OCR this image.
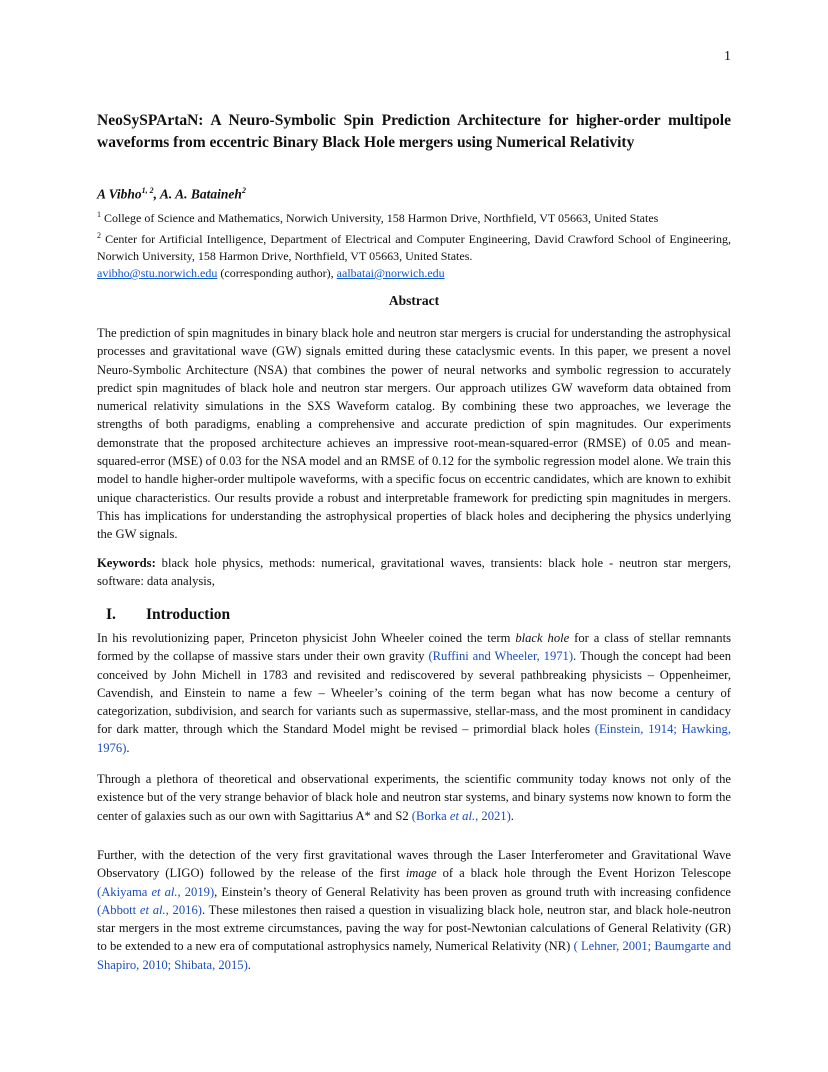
1
NeoSySPArtaN: A Neuro-Symbolic Spin Prediction Architecture for higher-order multipole waveforms from eccentric Binary Black Hole mergers using Numerical Relativity
A Vibho$^{1, 2}$, A. A. Bataineh$^2$

$^1$ College of Science and Mathematics, Norwich University, 158 Harmon Drive, Northfield, VT 05663, United States

$^2$ Center for Artificial Intelligence, Department of Electrical and Computer Engineering, David Crawford School of Engineering, Norwich University, 158 Harmon Drive, Northfield, VT 05663, United States.

avibho@stu.norwich.edu (corresponding author), aalbatai@norwich.edu

Abstract

The prediction of spin magnitudes in binary black hole and neutron star mergers is crucial for understanding the astrophysical processes and gravitational wave (GW) signals emitted during these cataclysmic events. In this paper, we present a novel Neuro-Symbolic Architecture (NSA) that combines the power of neural networks and symbolic regression to accurately predict spin magnitudes of black hole and neutron star mergers. Our approach utilizes GW waveform data obtained from numerical relativity simulations in the SXS Waveform catalog. By combining these two approaches, we leverage the strengths of both paradigms, enabling a comprehensive and accurate prediction of spin magnitudes. Our experiments demonstrate that the proposed architecture achieves an impressive root-mean-squared-error (RMSE) of 0.05 and mean-squared-error (MSE) of 0.03 for the NSA model and an RMSE of 0.12 for the symbolic regression model alone. We train this model to handle higher-order multipole waveforms, with a specific focus on eccentric candidates, which are known to exhibit unique characteristics. Our results provide a robust and interpretable framework for predicting spin magnitudes in mergers. This has implications for understanding the astrophysical properties of black holes and deciphering the physics underlying the GW signals.

Keywords: black hole physics, methods: numerical, gravitational waves, transients: black hole - neutron star mergers, software: data analysis,

I. Introduction

In his revolutionizing paper, Princeton physicist John Wheeler coined the term black hole for a class of stellar remnants formed by the collapse of massive stars under their own gravity (Ruffini and Wheeler, 1971). Though the concept had been conceived by John Michell in 1783 and revisited and rediscovered by several pathbreaking physicists – Oppenheimer, Cavendish, and Einstein to name a few – Wheeler’s coining of the term began what has now become a century of categorization, subdivision, and search for variants such as supermassive, stellar-mass, and the most prominent in candidacy for dark matter, through which the Standard Model might be revised – primordial black holes (Einstein, 1914; Hawking, 1976).

Through a plethora of theoretical and observational experiments, the scientific community today knows not only of the existence but of the very strange behavior of black hole and neutron star systems, and binary systems now known to form the center of galaxies such as our own with Sagittarius A* and S2 (Borka et al., 2021).

Further, with the detection of the very first gravitational waves through the Laser Interferometer and Gravitational Wave Observatory (LIGO) followed by the release of the first image of a black hole through the Event Horizon Telescope (Akiyama et al., 2019), Einstein’s theory of General Relativity has been proven as ground truth with increasing confidence (Abbott et al., 2016). These milestones then raised a question in visualizing black hole, neutron star, and black hole-neutron star mergers in the most extreme circumstances, paving the way for post-Newtonian calculations of General Relativity (GR) to be extended to a new era of computational astrophysics namely, Numerical Relativity (NR) ( Lehner, 2001; Baumgarte and Shapiro, 2010; Shibata, 2015).
